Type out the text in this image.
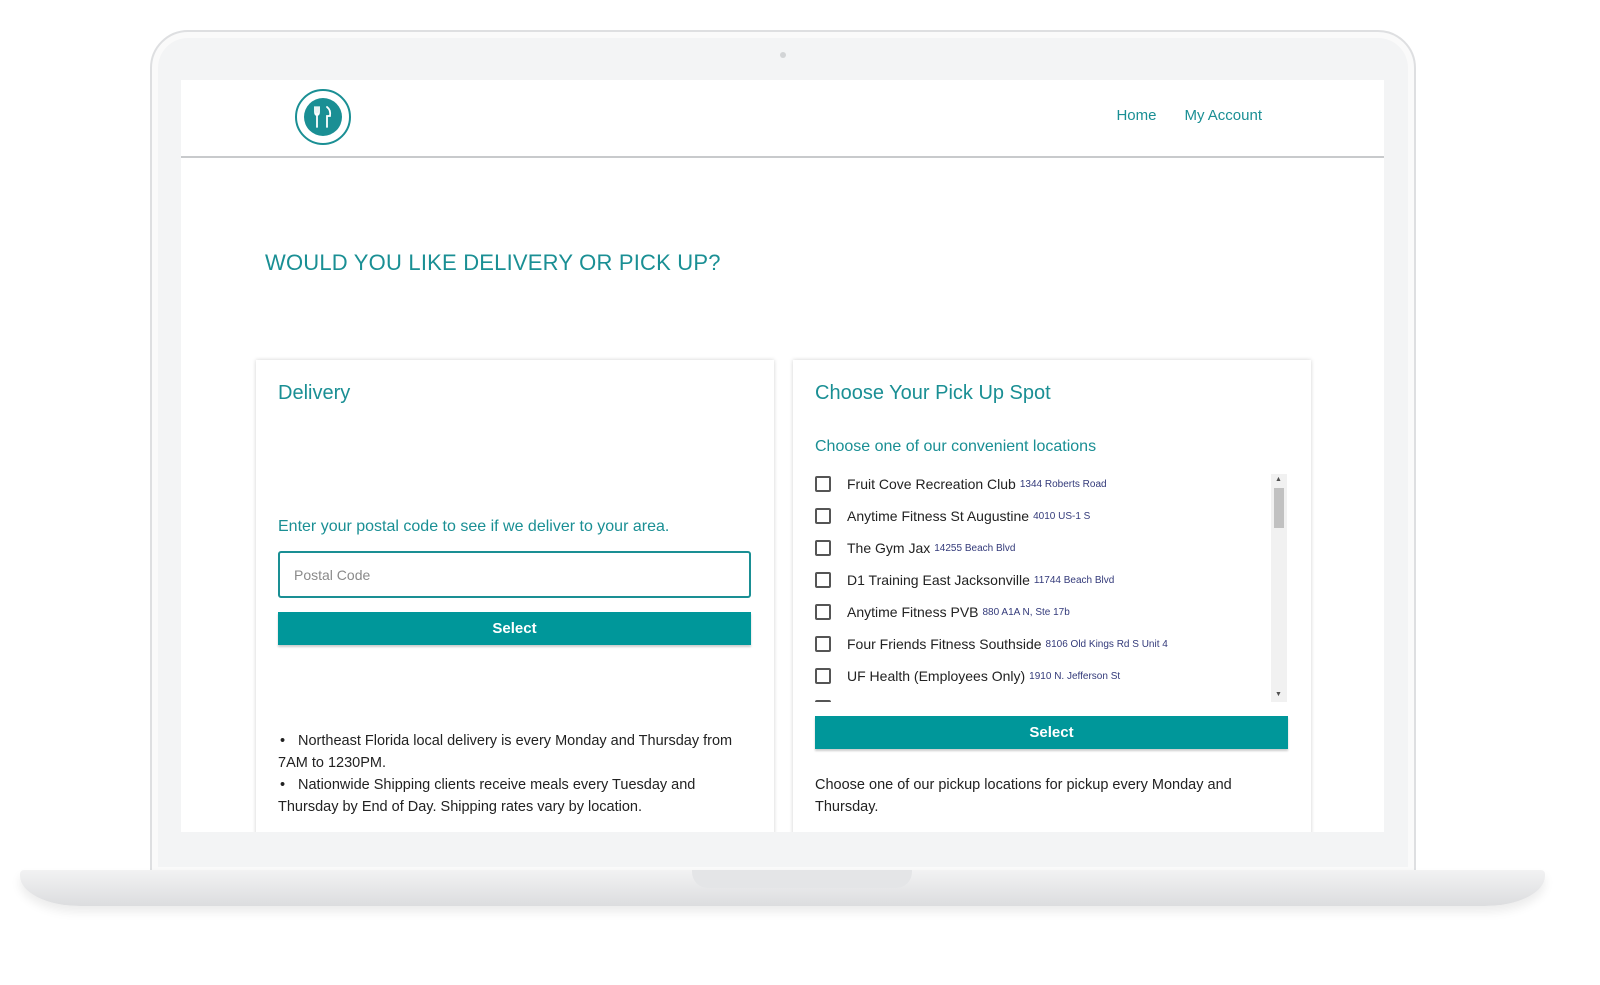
Home My Account
WOULD YOU LIKE DELIVERY OR PICK UP?
Delivery

Enter your postal code to see if we deliver to your area.

Postal Code
Select
• Northeast Florida local delivery is every Monday and Thursday from 7AM to 1230PM.
• Nationwide Shipping clients receive meals every Tuesday and Thursday by End of Day. Shipping rates vary by location.
Choose Your Pick Up Spot

Choose one of our convenient locations

Fruit Cove Recreation Club 1344 Roberts Road
Anytime Fitness St Augustine 4010 US-1 S
The Gym Jax 14255 Beach Blvd
D1 Training East Jacksonville 11744 Beach Blvd
Anytime Fitness PVB 880 A1A N, Ste 17b
Four Friends Fitness Southside 8106 Old Kings Rd S Unit 4
UF Health (Employees Only) 1910 N. Jefferson St
▲
▼
Select

Choose one of our pickup locations for pickup every Monday and Thursday.
